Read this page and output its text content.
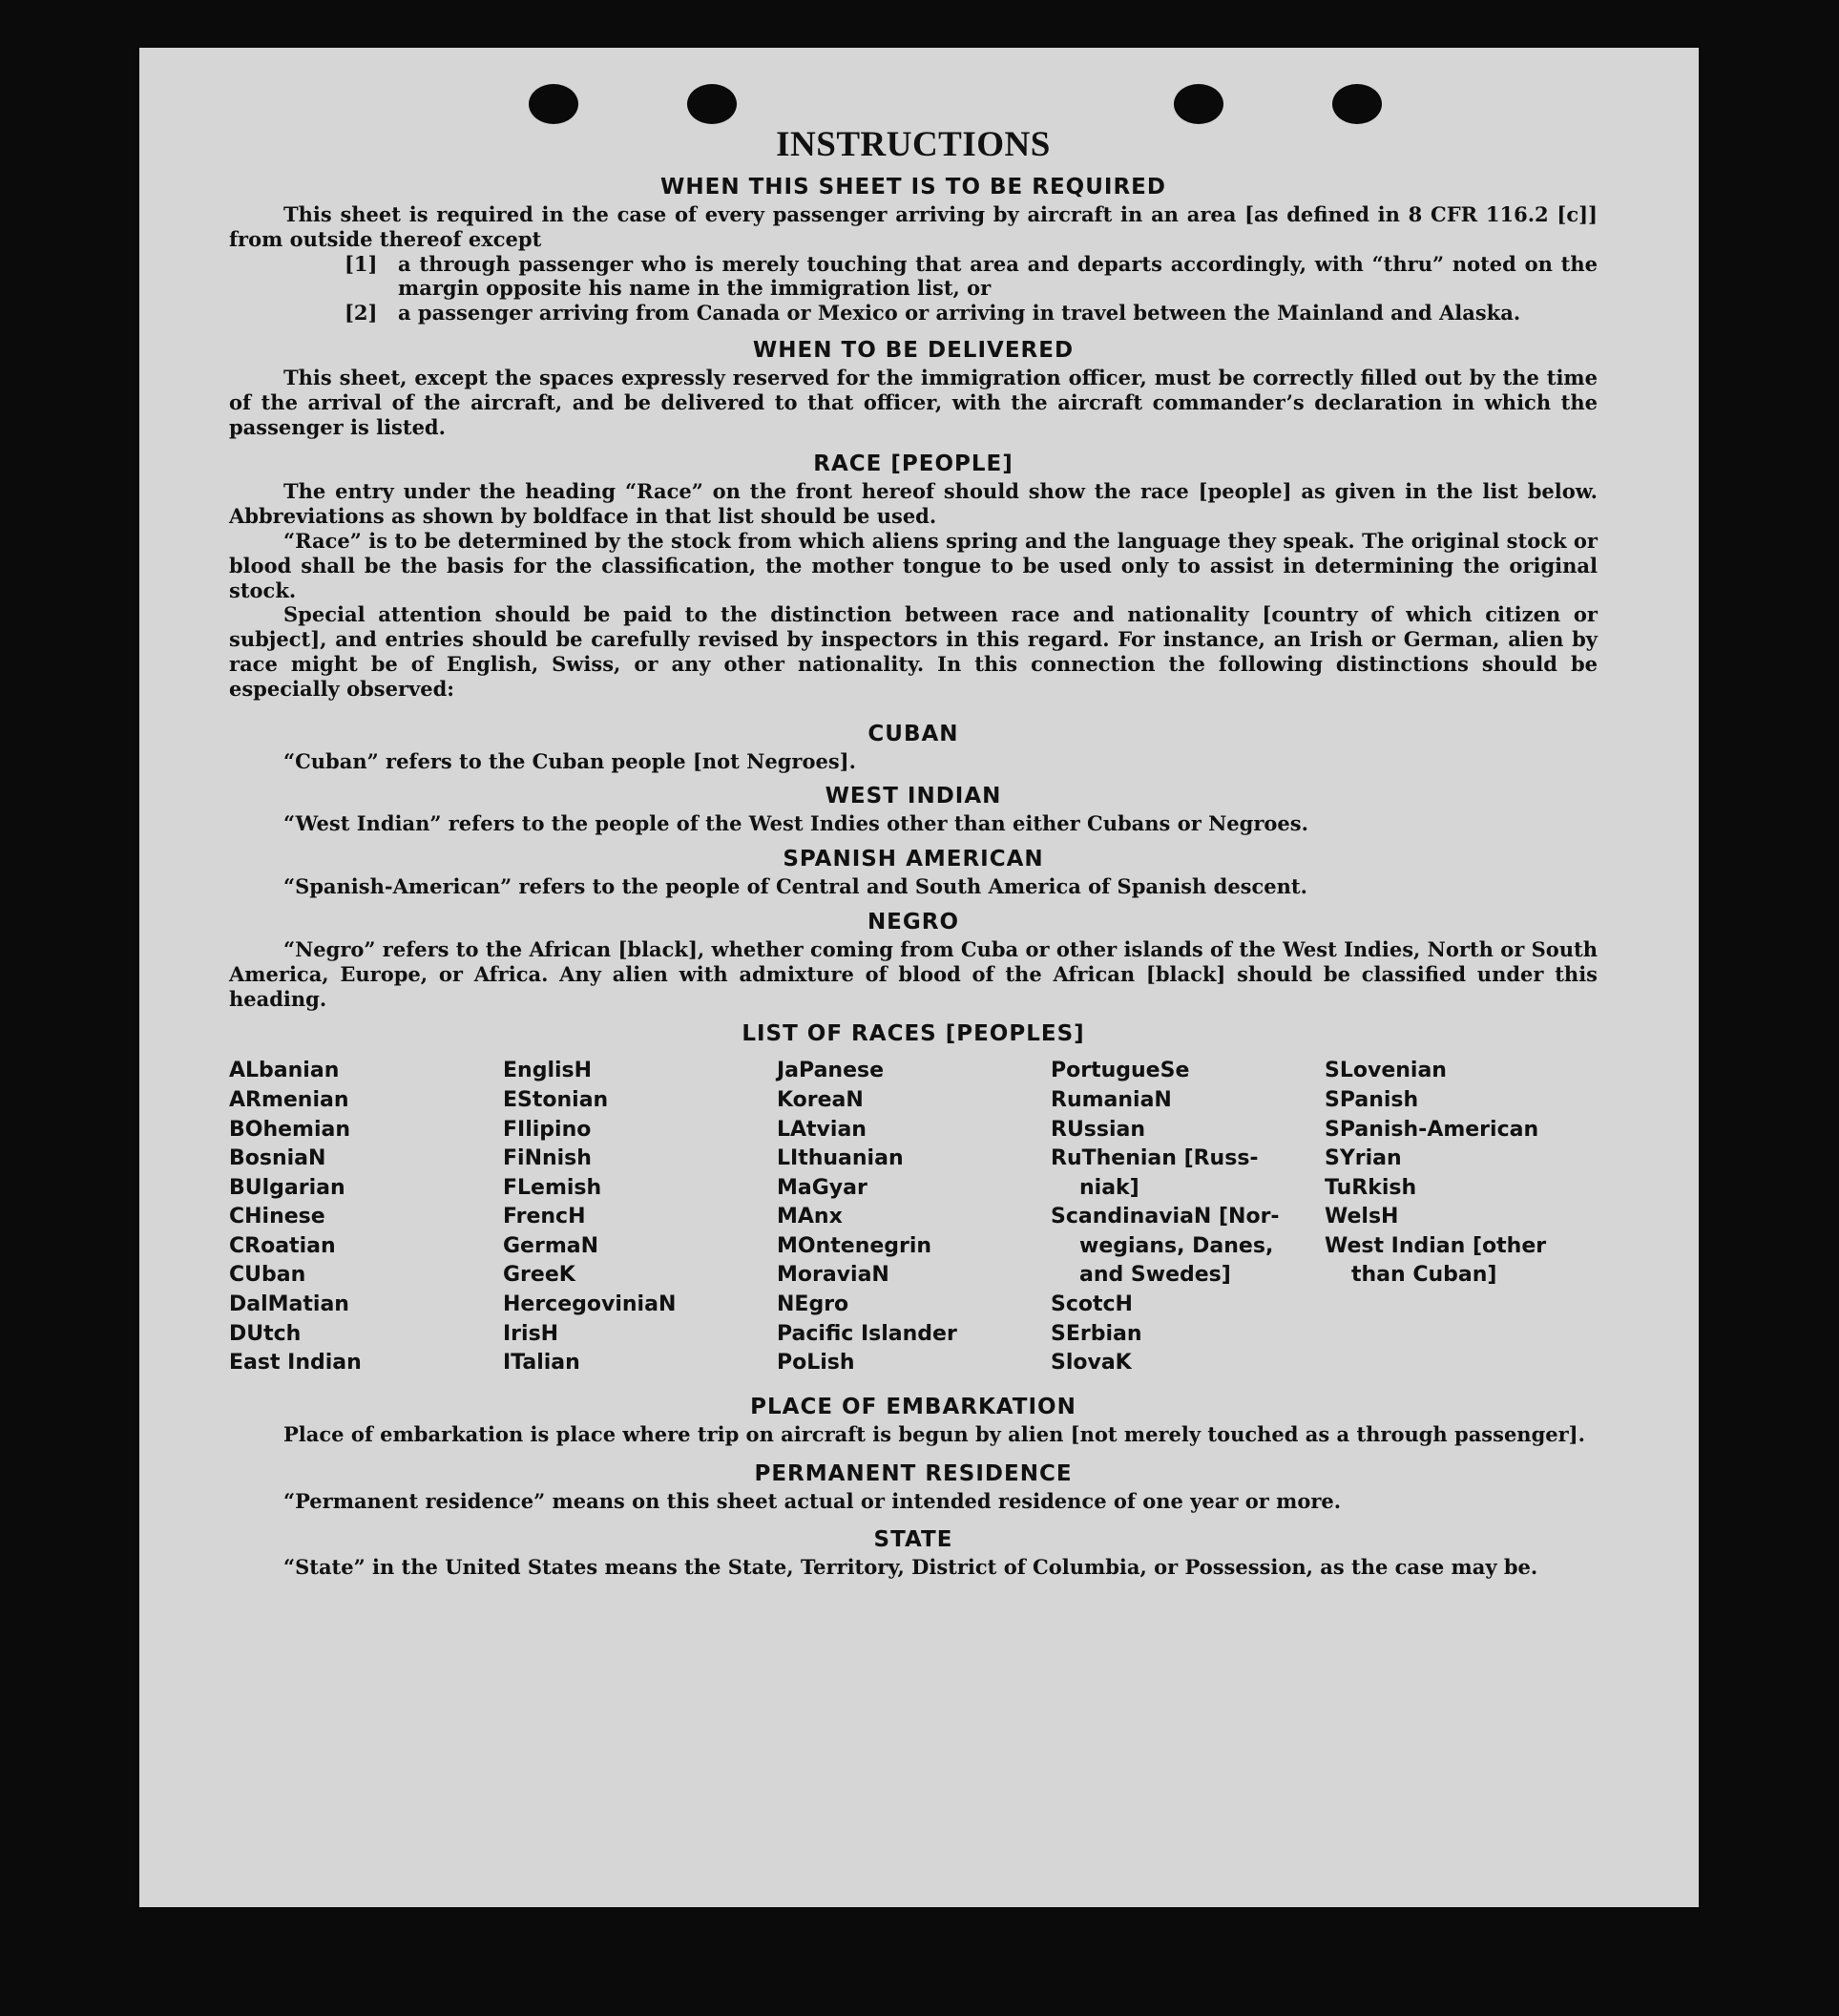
INSTRUCTIONS
WHEN THIS SHEET IS TO BE REQUIRED

This sheet is required in the case of every passenger arriving by aircraft in an area [as defined in 8 CFR 116.2 [c]] from outside thereof except

[1]	a through passenger who is merely touching that area and departs accordingly, with “thru” noted on the margin opposite his name in the immigration list, or

[2]	a passenger arriving from Canada or Mexico or arriving in travel between the Mainland and Alaska.

WHEN TO BE DELIVERED

This sheet, except the spaces expressly reserved for the immigration officer, must be correctly filled out by the time of the arrival of the aircraft, and be delivered to that officer, with the aircraft commander’s declaration in which the passenger is listed.

RACE [PEOPLE]

The entry under the heading “Race” on the front hereof should show the race [people] as given in the list below. Abbreviations as shown by boldface in that list should be used.

“Race” is to be determined by the stock from which aliens spring and the language they speak. The original stock or blood shall be the basis for the classification, the mother tongue to be used only to assist in determining the original stock.

Special attention should be paid to the distinction between race and nationality [country of which citizen or subject], and entries should be carefully revised by inspectors in this regard. For instance, an Irish or German, alien by race might be of English, Swiss, or any other nationality. In this connection the following distinctions should be especially observed:

CUBAN

“Cuban” refers to the Cuban people [not Negroes].

WEST INDIAN

“West Indian” refers to the people of the West Indies other than either Cubans or Negroes.

SPANISH AMERICAN

“Spanish-American” refers to the people of Central and South America of Spanish descent.

NEGRO

“Negro” refers to the African [black], whether coming from Cuba or other islands of the West Indies, North or South America, Europe, or Africa. Any alien with admixture of blood of the African [black] should be classified under this heading.

LIST OF RACES [PEOPLES]
ALbanian
ARmenian
BOhemian
BosniaN
BUlgarian
CHinese
CRoatian
CUban
DalMatian
DUtch
East Indian
EnglisH
EStonian
FIlipino
FiNnish
FLemish
FrencH
GermaN
GreeK
HercegoviniaN
IrisH
ITalian
JaPanese
KoreaN
LAtvian
LIthuanian
MaGyar
MAnx
MOntenegrin
MoraviaN
NEgro
Pacific Islander
PoLish
PortugueSe
RumaniaN
RUssian
RuThenian [Russ-
niak]
ScandinaviaN [Nor-
wegians, Danes,
and Swedes]
ScotcH
SErbian
SlovaK
SLovenian
SPanish
SPanish-American
SYrian
TuRkish
WelsH
West Indian [other
than Cuban]
PLACE OF EMBARKATION

Place of embarkation is place where trip on aircraft is begun by alien [not merely touched as a through passenger].

PERMANENT RESIDENCE

“Permanent residence” means on this sheet actual or intended residence of one year or more.

STATE

“State” in the United States means the State, Territory, District of Columbia, or Possession, as the case may be.
